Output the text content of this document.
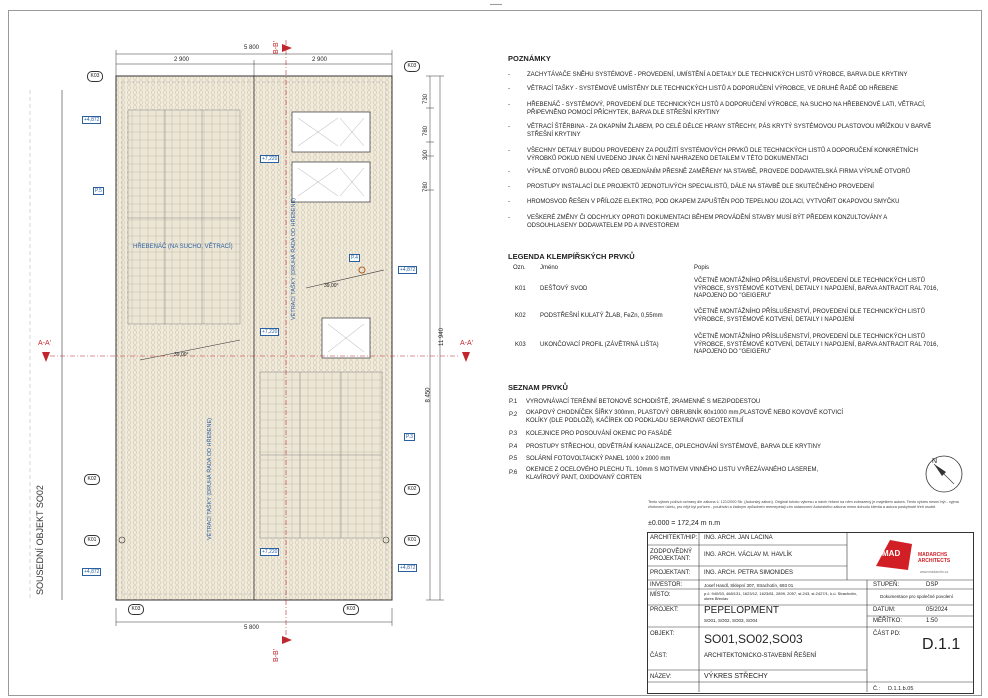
N
5 800
2 900	2 900
5 800
730
780
300
780
11 940
8 450
B-B'
B-B'
A-A'	A-A'
K03
K03
K03	K03
K02
K02
K01	K01
+4,872
+7,220
+4,872
+7,220
+7,220
+4,872
+4,872
P.5
P.4
P.3
39,00°
39,00°
HŘEBENÁČ (NA SUCHO, VĚTRACÍ)	VĚTRACÍ TAŠKY (DRUHÁ ŘADA OD HŘEBENE)
VĚTRACÍ TAŠKY (DRUHÁ ŘADA OD HŘEBENE)
SOUSEDNÍ OBJEKT SO02
POZNÁMKY
-	ZACHYTÁVAČE SNĚHU SYSTÉMOVÉ - PROVEDENÍ, UMÍSTĚNÍ A DETAILY DLE TECHNICKÝCH LISTŮ VÝROBCE, BARVA DLE KRYTINY
-	VĚTRACÍ TAŠKY - SYSTÉMOVÉ UMÍSTĚNY DLE TECHNICKÝCH LISTŮ A DOPORUČENÍ VÝROBCE, VE DRUHÉ ŘADĚ OD HŘEBENE
-	HŘEBENÁČ - SYSTÉMOVÝ, PROVEDENÍ DLE TECHNICKÝCH LISTŮ A DOPORUČENÍ VÝROBCE, NA SUCHO NA HŘEBENOVÉ LATI, VĚTRACÍ, PŘIPEVNĚNO POMOCÍ PŘÍCHYTEK, BARVA DLE STŘEŠNÍ KRYTINY
-	VĚTRACÍ ŠTĚRBINA - ZA OKAPNÍM ŽLABEM, PO CELÉ DÉLCE HRANY STŘECHY, PÁS KRYTÝ SYSTÉMOVOU PLASTOVOU MŘÍŽKOU V BARVĚ STŘEŠNÍ KRYTINY
-	VŠECHNY DETAILY BUDOU PROVEDENY ZA POUŽITÍ SYSTÉMOVÝCH PRVKŮ DLE TECHNICKÝCH LISTŮ A DOPORUČENÍ KONKRÉTNÍCH VÝROBKŮ POKUD NENÍ UVEDENO JINAK ČI NENÍ NAHRAZENO DETAILEM V TÉTO DOKUMENTACI
-	VÝPLNĚ OTVORŮ BUDOU PŘED OBJEDNÁNÍM PŘESNĚ ZAMĚŘENY NA STAVBĚ, PROVEDE DODAVATELSKÁ FIRMA VÝPLNĚ OTVORŮ
-	PROSTUPY INSTALACÍ DLE PROJEKTŮ JEDNOTLIVÝCH SPECIALISTŮ, DÁLE NA STAVBĚ DLE SKUTEČNÉHO PROVEDENÍ
-	HROMOSVOD ŘEŠEN V PŘÍLOZE ELEKTRO, POD OKAPEM ZAPUŠTĚN POD TEPELNOU IZOLACI, VYTVOŘIT OKAPOVOU SMYČKU
-	VEŠKERÉ ZMĚNY ČI ODCHYLKY OPROTI DOKUMENTACI BĚHEM PROVÁDĚNÍ STAVBY MUSÍ BÝT PŘEDEM KONZULTOVÁNY A ODSOUHLASENY DODAVATELEM PD A INVESTOREM
LEGENDA KLEMPÍŘSKÝCH PRVKŮ
Ozn. Jméno	Popis
K01 DEŠŤOVÝ SVOD
VČETNĚ MONTÁŽNÍHO PŘÍSLUŠENSTVÍ, PROVEDENÍ DLE TECHNICKÝCH LISTŮ VÝROBCE, SYSTÉMOVÉ KOTVENÍ, DETAILY I NAPOJENÍ, BARVA ANTRACIT RAL 7016, NAPOJENO DO "GEIGERU"
K02 PODSTŘEŠNÍ KULATÝ ŽLAB, FeZn, 0,55mm
VČETNĚ MONTÁŽNÍHO PŘÍSLUŠENSTVÍ, PROVEDENÍ DLE TECHNICKÝCH LISTŮ VÝROBCE, SYSTÉMOVÉ KOTVENÍ, DETAILY I NAPOJENÍ
K03 UKONČOVACÍ PROFIL (ZÁVĚTRNÁ LIŠTA)
VČETNĚ MONTÁŽNÍHO PŘÍSLUŠENSTVÍ, PROVEDENÍ DLE TECHNICKÝCH LISTŮ VÝROBCE, SYSTÉMOVÉ KOTVENÍ, DETAILY I NAPOJENÍ, BARVA ANTRACIT RAL 7016, NAPOJENO DO "GEIGERU"
SEZNAM PRVKŮ
P.1 VYROVNÁVACÍ TERÉNNÍ BETONOVÉ SCHODIŠTĚ, 2RAMENNÉ S MEZIPODESTOU
P.2 OKAPOVÝ CHODNÍČEK ŠÍŘKY 300mm, PLASTOVÝ OBRUBNÍK 60x1000 mm,PLASTOVÉ NEBO KOVOVÉ KOTVICÍ KOLÍKY (DLE PODLOŽÍ), KAČÍREK OD PODKLADU SEPAROVAT GEOTEXTILIÍ
P.3 KOLEJNICE PRO POSOUVÁNÍ OKENIC PO FASÁDĚ
P.4 PROSTUPY STŘECHOU, ODVĚTRÁNÍ KANALIZACE, OPLECHOVÁNÍ SYSTÉMOVÉ, BARVA DLE KRYTINY
P.5 SOLÁRNÍ FOTOVOLTAICKÝ PANEL 1000 x 2000 mm
P.6 OKENICE Z OCELOVÉHO PLECHU TL. 10mm S MOTIVEM VINNÉHO LISTU VYŘEZÁVANÉHO LASEREM, KLAVÍROVÝ PANT, OXIDOVANÝ CORTEN
Tento výkres požívá ochrany dle zákona č. 121/2000 Sb. (Autorský zákon). Originál tohoto výkresu a návrh řešení na něm zobrazený je majetkem autora. Tento výkres nesmí být - vyjma zhotovení účelu, pro nějž byl pořízen - používán a žádným způsobem reemepetaji cím ustanovení Autorského zákona mimo dohodu klienta a autora poskytnuté třetí osobě.
±0.000 = 172,24 m n.m
ARCHITEKT/HIP: ING. ARCH. JAN LACINA
ZODPOVĚDNÝ PROJEKTANT:
ING. ARCH. VÁCLAV M. HAVLÍK
PROJEKTANT: ING. ARCH. PETRA SIMONIDES
INVESTOR:	Josef Handl, Sklepní 307, Strachotín, 693 01
MÍSTO:	p.č. 940/53, 468/131, 1623/12, 1623/81, 2899, 2057, st.243, st.2427/1, k.ú. Strachotín, okres Břeclav
PROJEKT:	PEPELOPMENT
SO01, SO02, SO03, SO04
OBJEKT: SO01,SO02,SO03
ČÁST:	ARCHITEKTONICKO-STAVEBNÍ ŘEŠENÍ
NÁZEV:	VÝKRES STŘECHY
STUPEŇ:	DSP
Dokumentace pro společné povolení
DATUM:	05/2024
MĚŘÍTKO:	1:50
ČÁST PD:
D.1.1
Č.: D.1.1.b.05
MAD	MADARCHS ARCHITECTS
www.madarchs.cz
